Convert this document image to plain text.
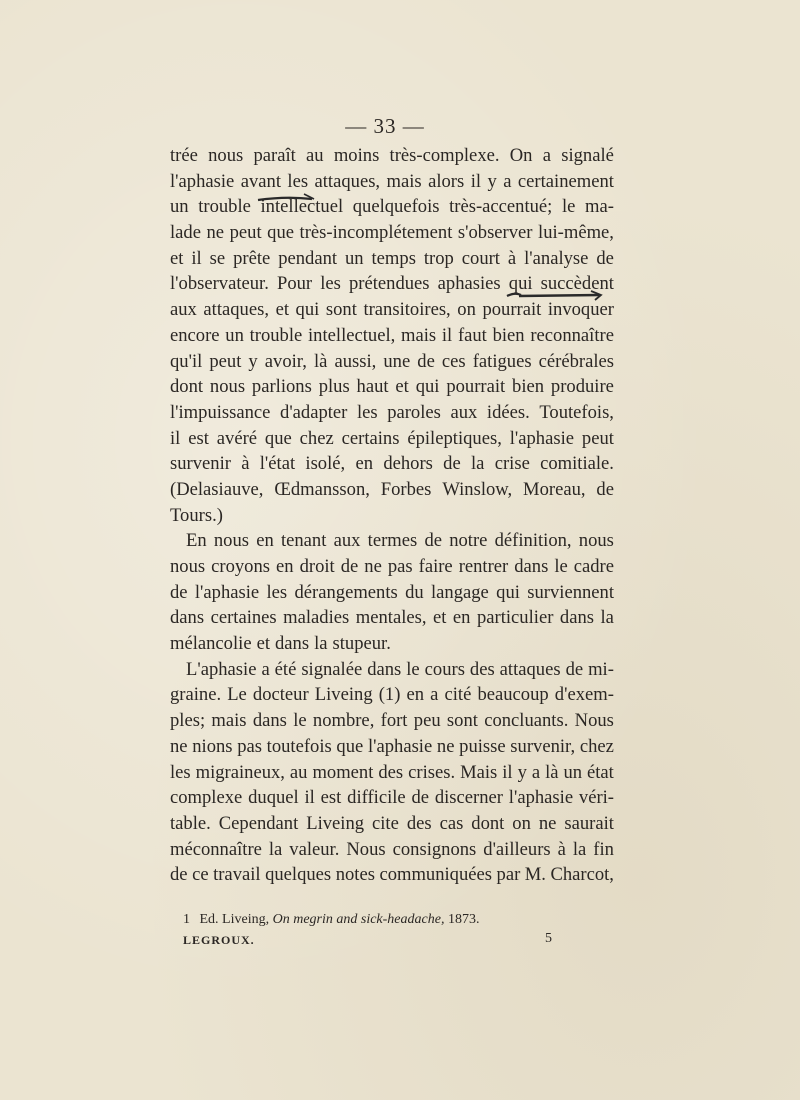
— 33 —
trée nous paraît au moins très-complexe. On a signalé
l'aphasie avant les attaques, mais alors il y a certainement
un trouble intellectuel quelquefois très-accentué; le ma-
lade ne peut que très-incomplétement s'observer lui-même,
et il se prête pendant un temps trop court à l'analyse de
l'observateur. Pour les prétendues aphasies qui succèdent
aux attaques, et qui sont transitoires, on pourrait invoquer
encore un trouble intellectuel, mais il faut bien reconnaître
qu'il peut y avoir, là aussi, une de ces fatigues cérébrales
dont nous parlions plus haut et qui pourrait bien produire
l'impuissance d'adapter les paroles aux idées. Toutefois,
il est avéré que chez certains épileptiques, l'aphasie peut
survenir à l'état isolé, en dehors de la crise comitiale.
(Delasiauve, Œdmansson, Forbes Winslow, Moreau, de
Tours.)
En nous en tenant aux termes de notre définition, nous
nous croyons en droit de ne pas faire rentrer dans le cadre
de l'aphasie les dérangements du langage qui surviennent
dans certaines maladies mentales, et en particulier dans la
mélancolie et dans la stupeur.
L'aphasie a été signalée dans le cours des attaques de mi-
graine. Le docteur Liveing (1) en a cité beaucoup d'exem-
ples; mais dans le nombre, fort peu sont concluants. Nous
ne nions pas toutefois que l'aphasie ne puisse survenir, chez
les migraineux, au moment des crises. Mais il y a là un état
complexe duquel il est difficile de discerner l'aphasie véri-
table. Cependant Liveing cite des cas dont on ne saurait
méconnaître la valeur. Nous consignons d'ailleurs à la fin
de ce travail quelques notes communiquées par M. Charcot,
1 Ed. Liveing, On megrin and sick-headache, 1873.
LEGROUX.	5
